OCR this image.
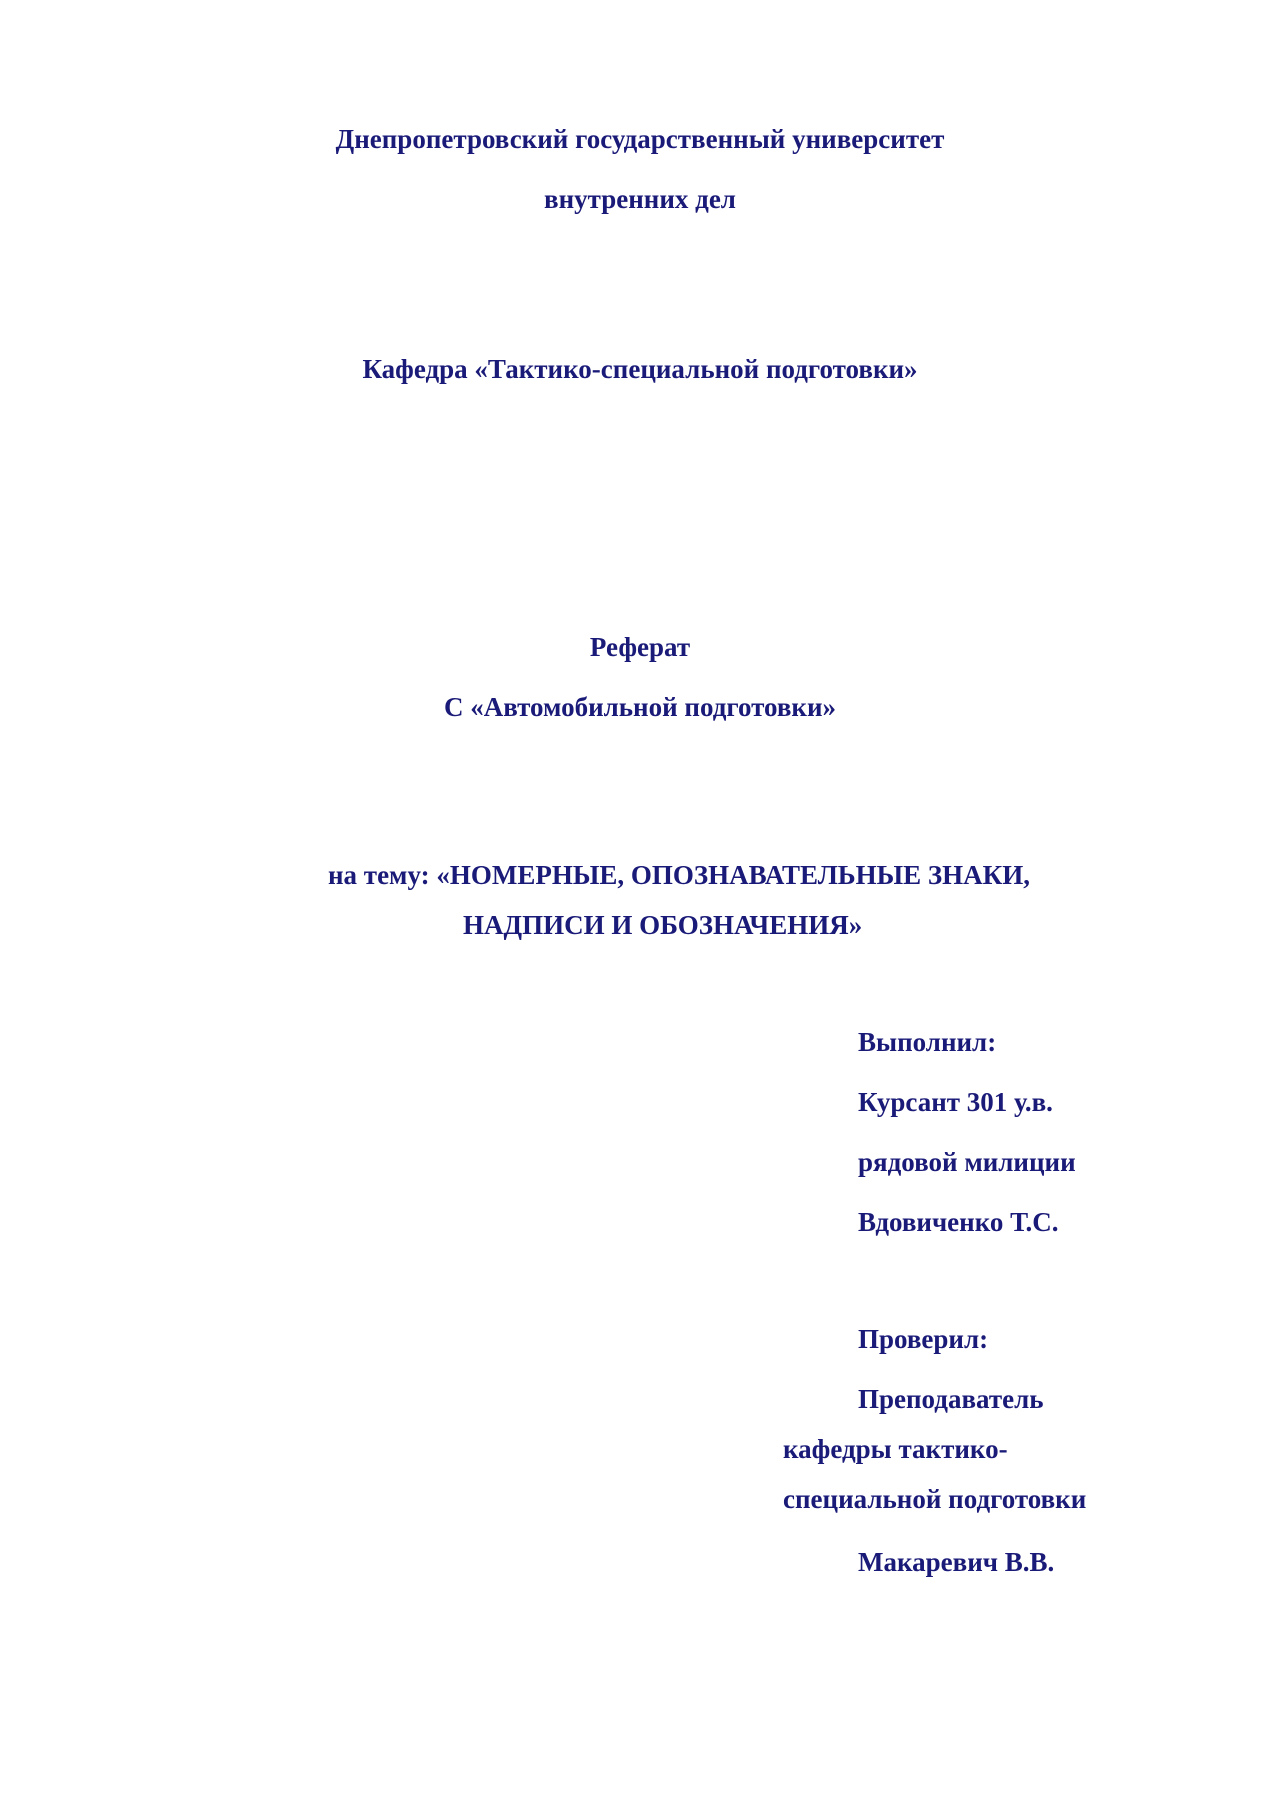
Днепропетровский государственный университет
внутренних дел
Кафедра «Тактико-специальной подготовки»
Реферат
С «Автомобильной подготовки»
на тему: «НОМЕРНЫЕ, ОПОЗНАВАТЕЛЬНЫЕ ЗНАКИ,
НАДПИСИ И ОБОЗНАЧЕНИЯ»
Выполнил:
Курсант 301 у.в.
рядовой милиции
Вдовиченко Т.С.
Проверил:
Преподаватель
кафедры тактико-
специальной подготовки
Макаревич В.В.
